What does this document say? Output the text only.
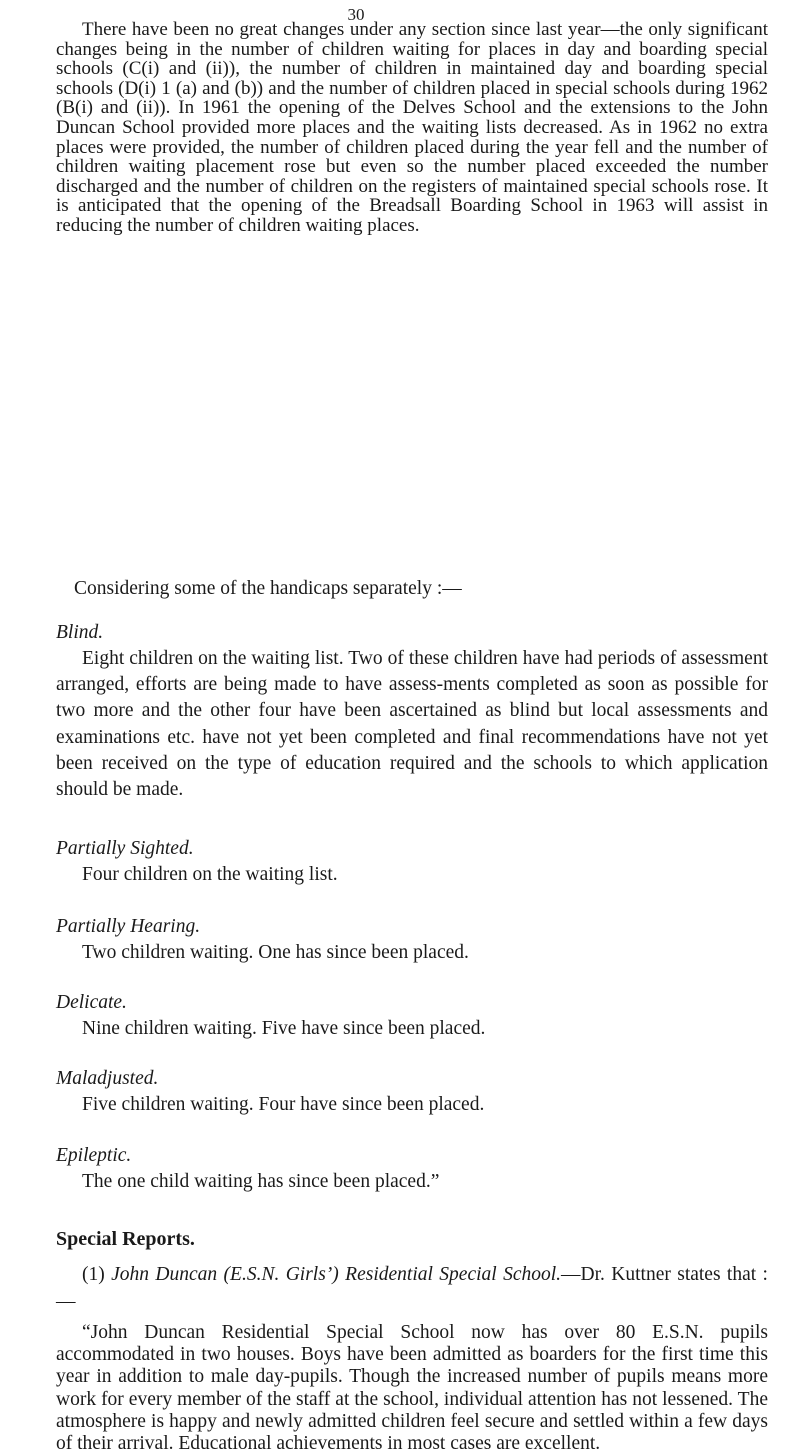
30

There have been no great changes under any section since last year—the only significant changes being in the number of children waiting for places in day and boarding special schools (C(i) and (ii)), the number of children in maintained day and boarding special schools (D(i) 1 (a) and (b)) and the number of children placed in special schools during 1962 (B(i) and (ii)). In 1961 the opening of the Delves School and the extensions to the John Duncan School provided more places and the waiting lists decreased. As in 1962 no extra places were provided, the number of children placed during the year fell and the number of children waiting placement rose but even so the number placed exceeded the number discharged and the number of children on the registers of maintained special schools rose. It is anticipated that the opening of the Breadsall Boarding School in 1963 will assist in reducing the number of children waiting places.

Considering some of the handicaps separately :—

Blind.

Eight children on the waiting list. Two of these children have had periods of assessment arranged, efforts are being made to have assess-ments completed as soon as possible for two more and the other four have been ascertained as blind but local assessments and examinations etc. have not yet been completed and final recommendations have not yet been received on the type of education required and the schools to which application should be made.

Partially Sighted.

Four children on the waiting list.

Partially Hearing.

Two children waiting. One has since been placed.

Delicate.

Nine children waiting. Five have since been placed.

Maladjusted.

Five children waiting. Four have since been placed.

Epileptic.

The one child waiting has since been placed.”

Special Reports.

(1) John Duncan (E.S.N. Girls’) Residential Special School.—Dr. Kuttner states that :—

“John Duncan Residential Special School now has over 80 E.S.N. pupils accommodated in two houses. Boys have been admitted as boarders for the first time this year in addition to male day-pupils. Though the increased number of pupils means more work for every member of the staff at the school, individual attention has not lessened. The atmosphere is happy and newly admitted children feel secure and settled within a few days of their arrival. Educational achievements in most cases are excellent.
